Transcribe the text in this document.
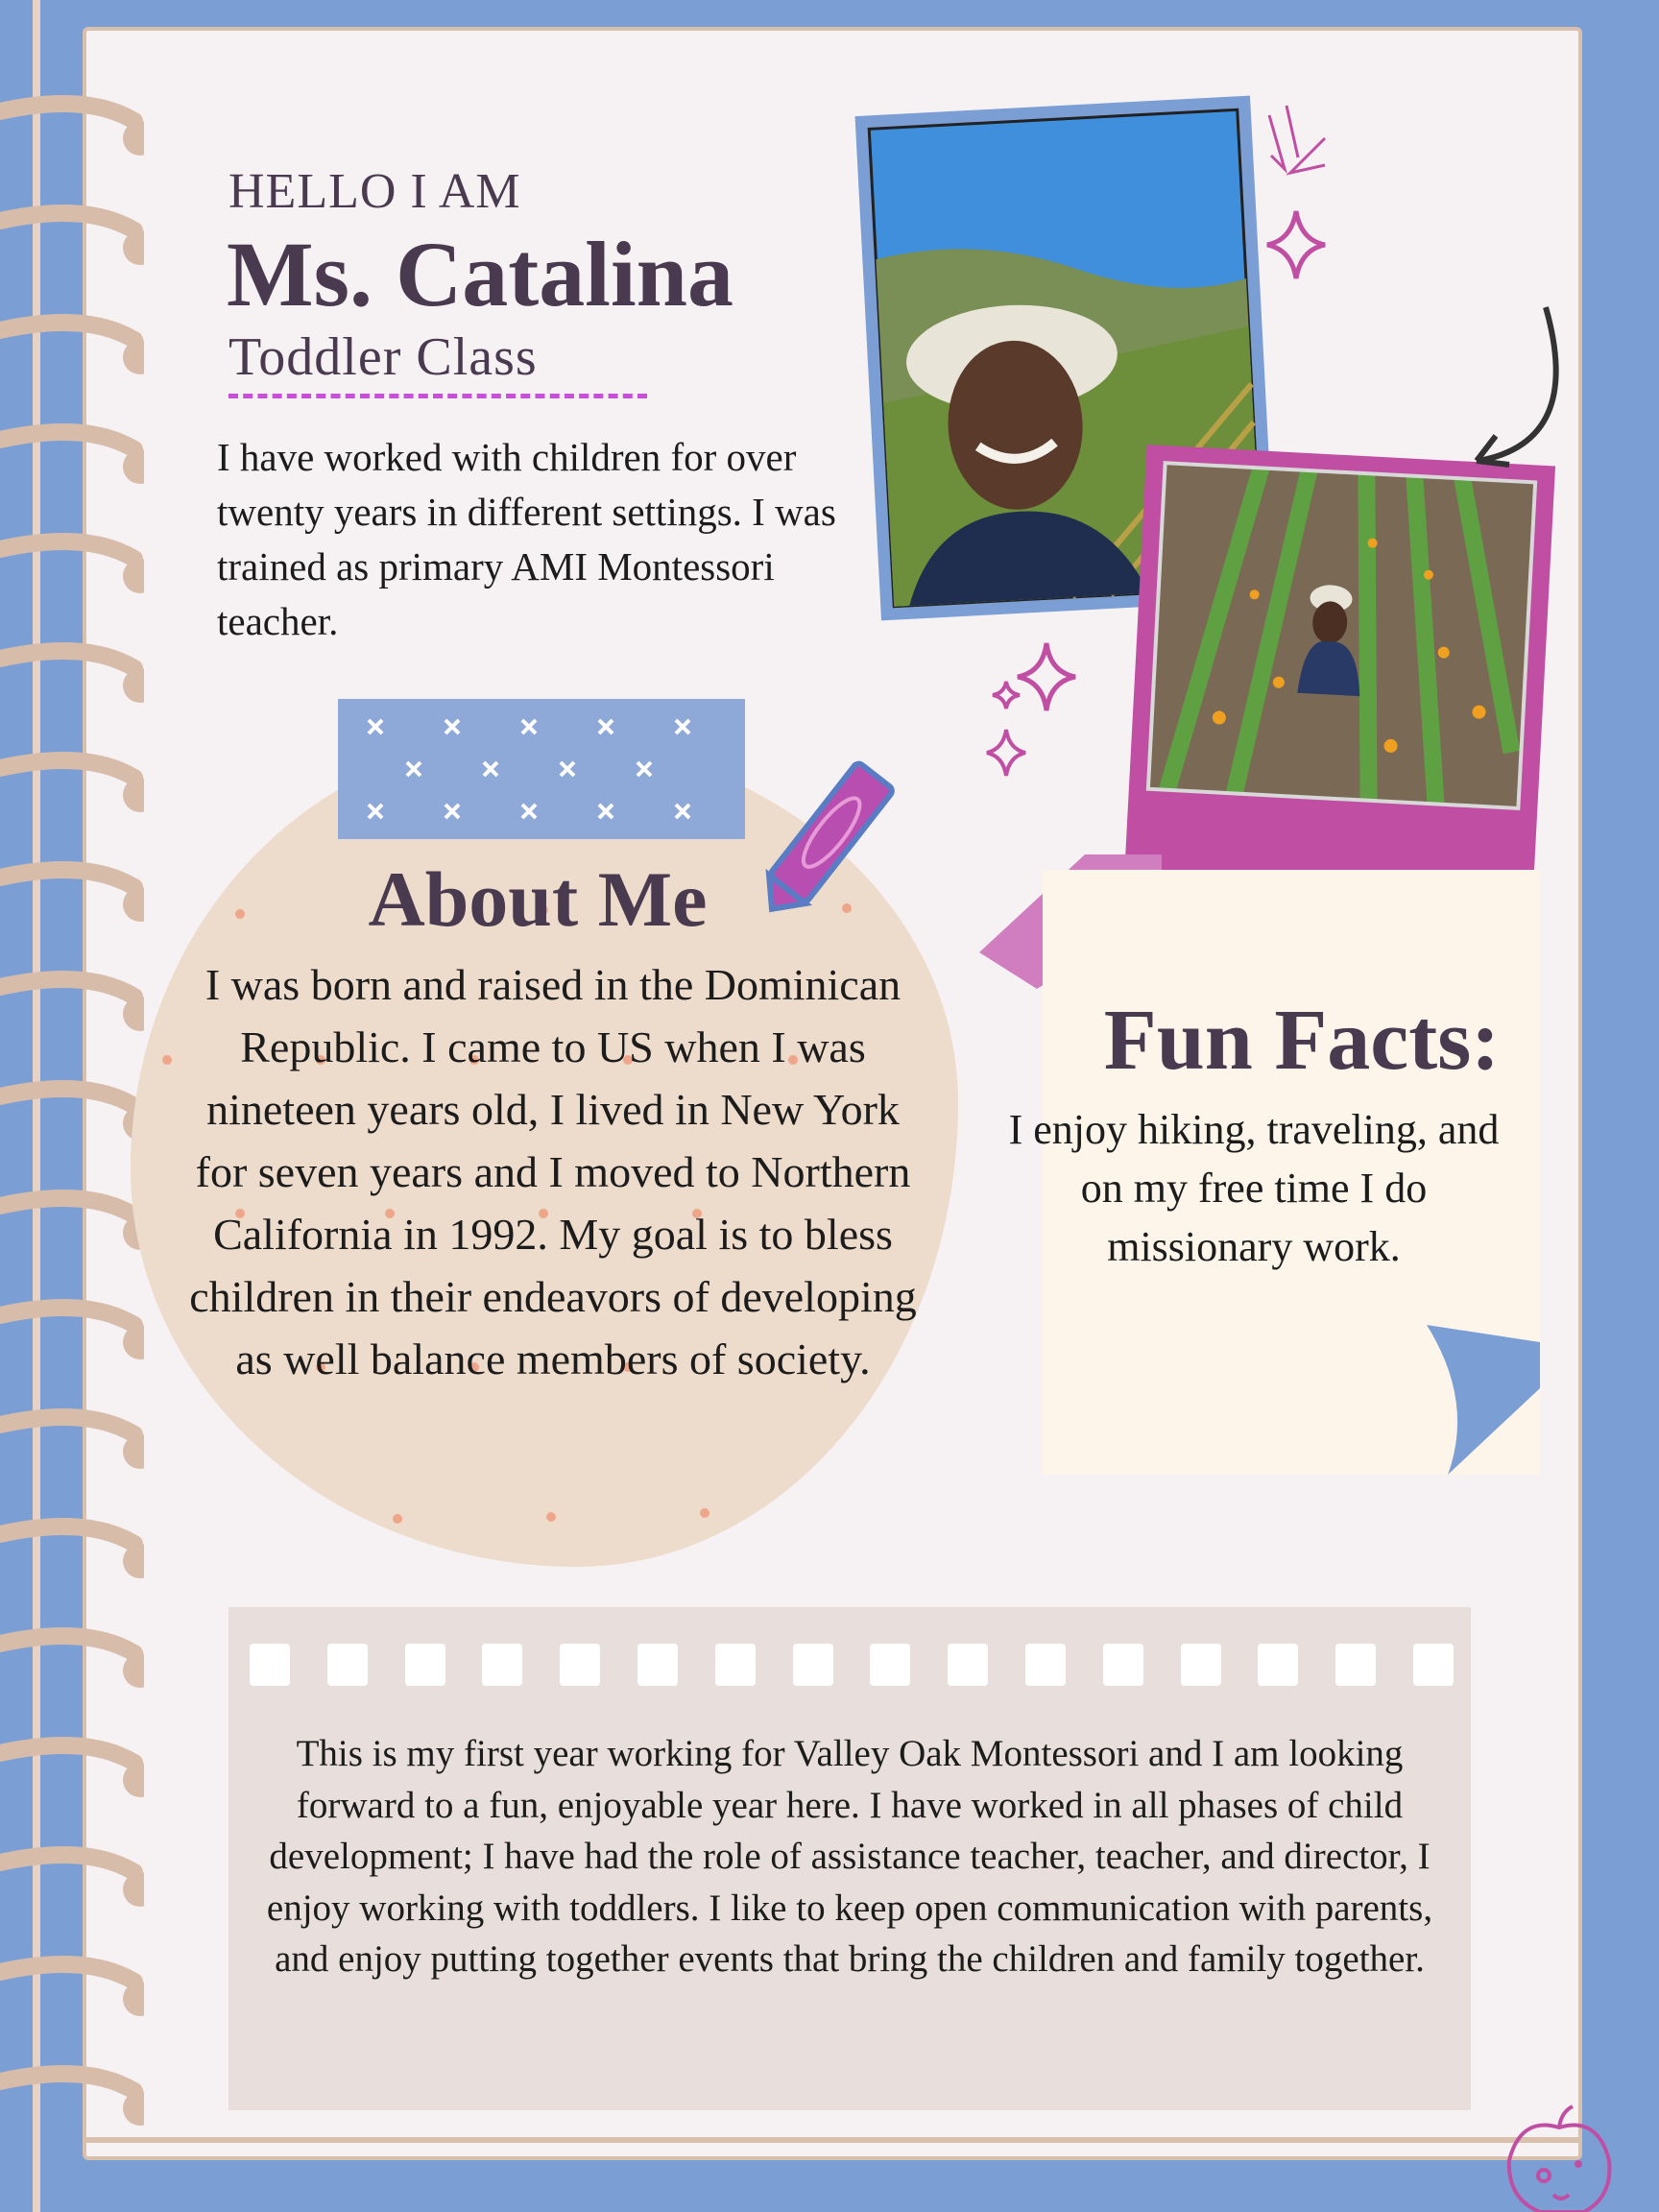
HELLO I AM
Ms. Catalina
Toddler Class
I have worked with children for over twenty years in different settings. I was trained as primary AMI Montessori teacher.
About Me
I was born and raised in the Dominican Republic. I came to US when I was nineteen years old, I lived in New York for seven years and I moved to Northern California in 1992. My goal is to bless children in their endeavors of developing as well balance members of society.
Fun Facts:
I enjoy hiking, traveling, and on my free time I do missionary work.
This is my first year working for Valley Oak Montessori and I am looking forward to a fun, enjoyable year here. I have worked in all phases of child development; I have had the role of assistance teacher, teacher, and director, I enjoy working with toddlers. I like to keep open communication with parents, and enjoy putting together events that bring the children and family together.
